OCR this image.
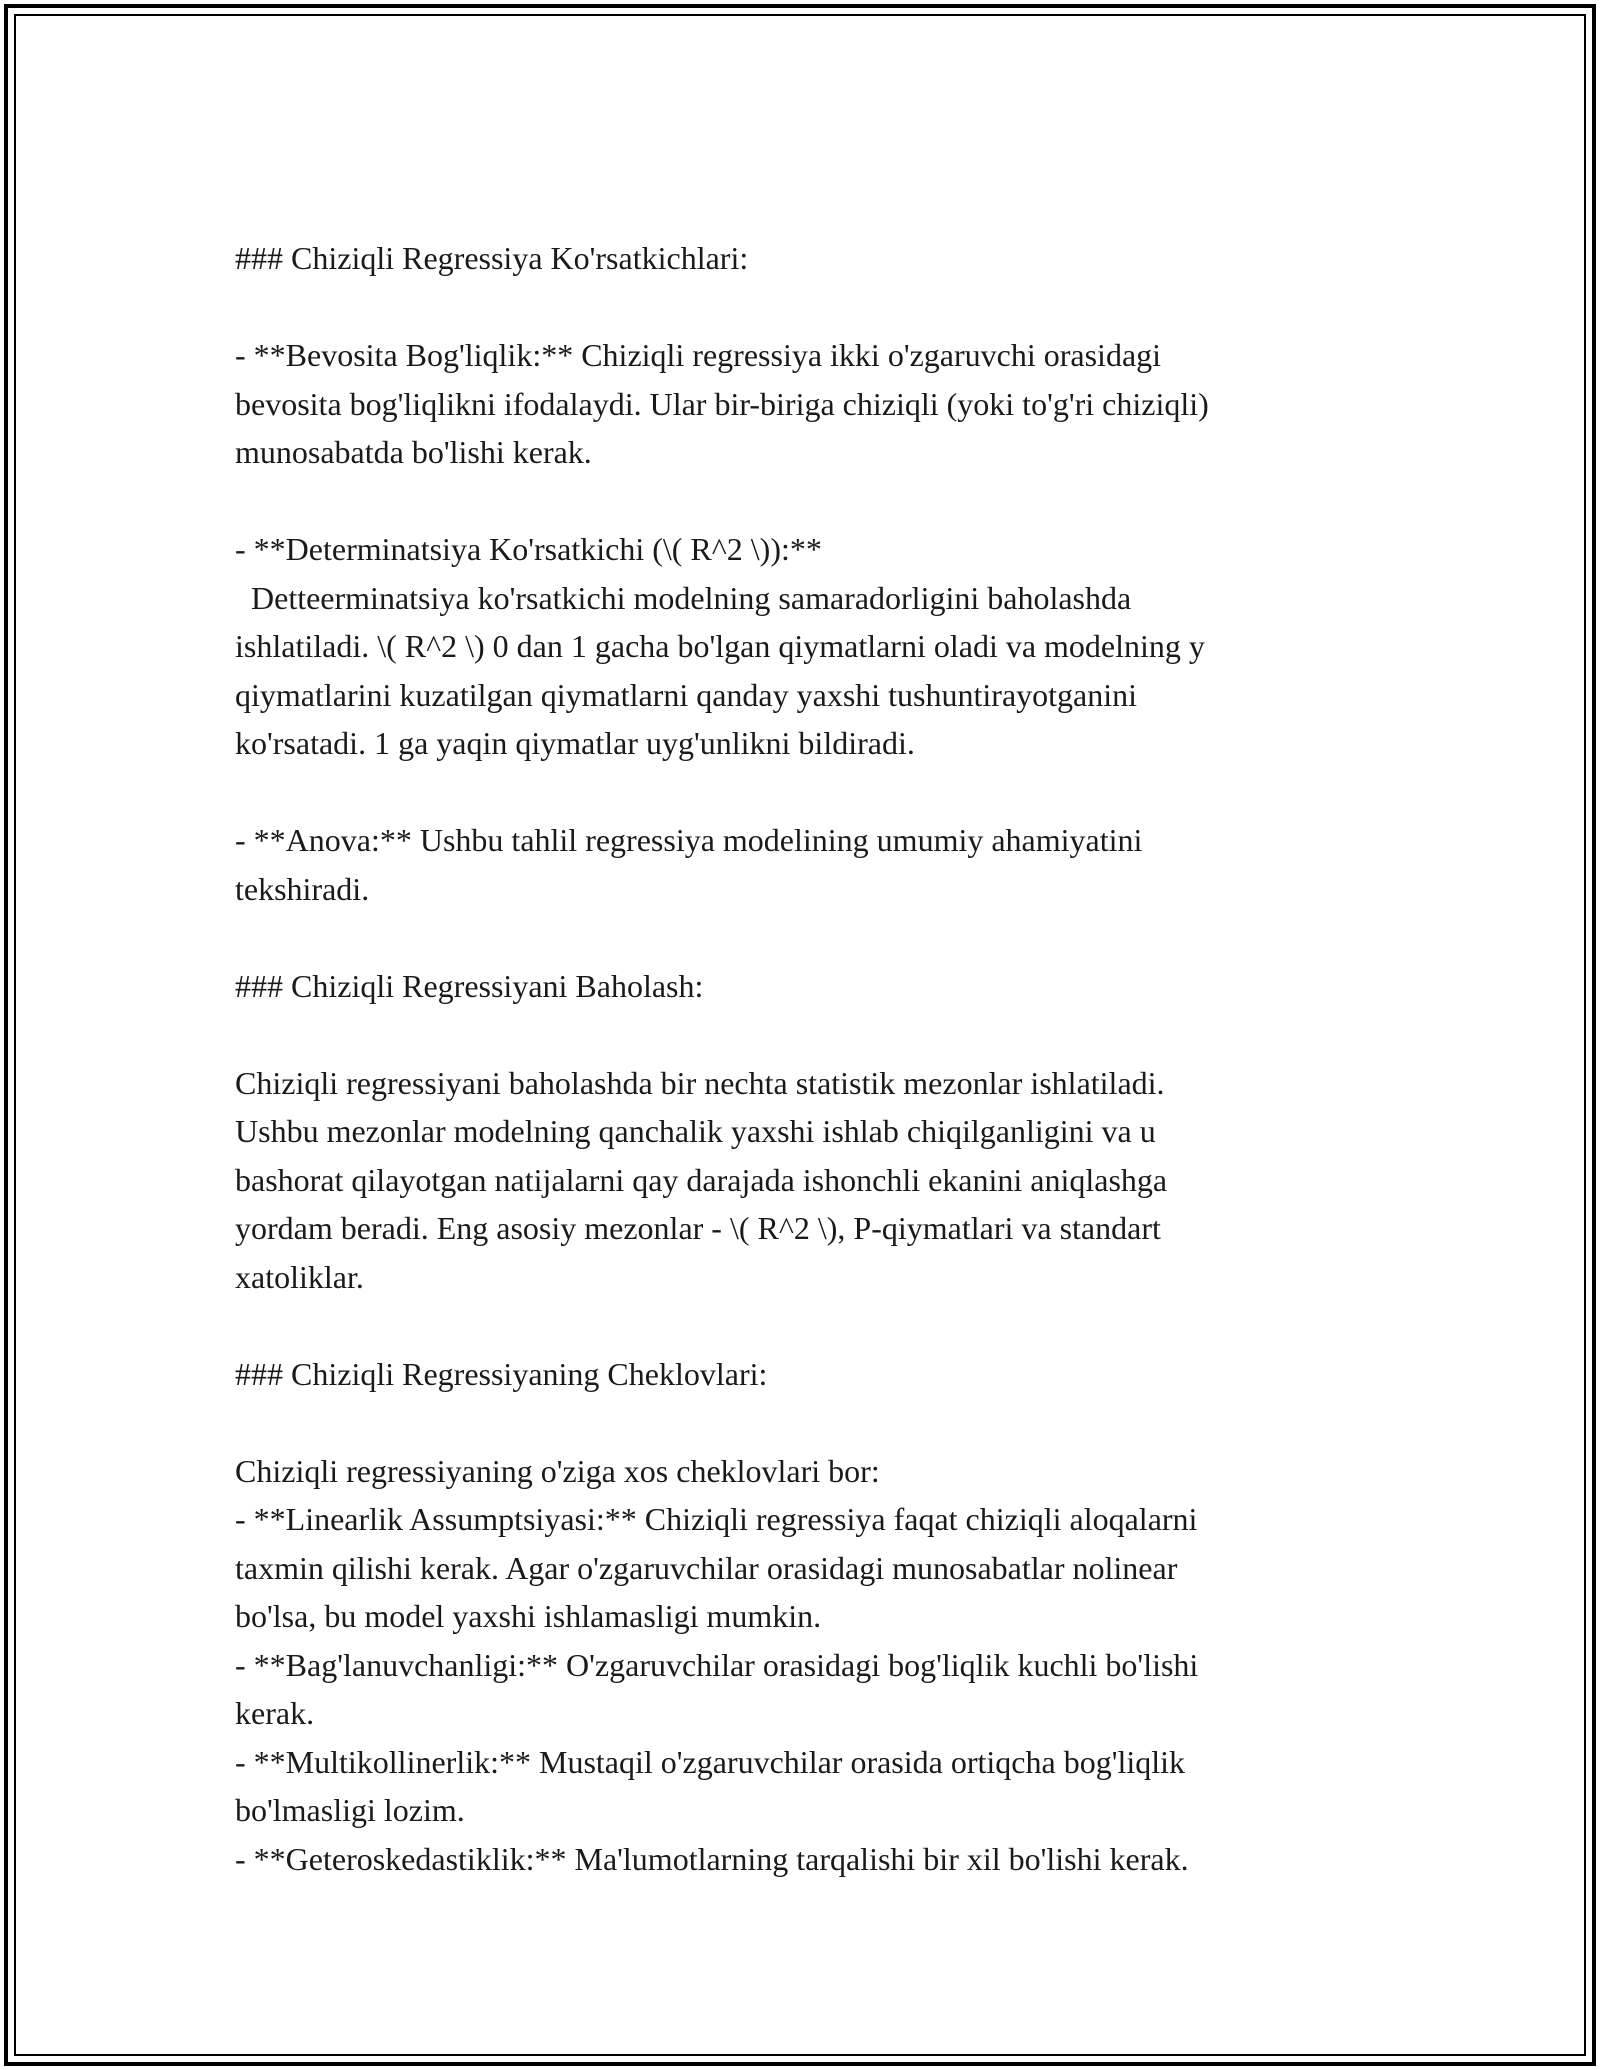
### Chiziqli Regressiya Ko'rsatkichlari:
- **Bevosita Bog'liqlik:** Chiziqli regressiya ikki o'zgaruvchi orasidagi
bevosita bog'liqlikni ifodalaydi. Ular bir-biriga chiziqli (yoki to'g'ri chiziqli)
munosabatda bo'lishi kerak.
- **Determinatsiya Ko'rsatkichi (\( R^2 \)):**
Detteerminatsiya ko'rsatkichi modelning samaradorligini baholashda
ishlatiladi. \( R^2 \) 0 dan 1 gacha bo'lgan qiymatlarni oladi va modelning y
qiymatlarini kuzatilgan qiymatlarni qanday yaxshi tushuntirayotganini
ko'rsatadi. 1 ga yaqin qiymatlar uyg'unlikni bildiradi.
- **Anova:** Ushbu tahlil regressiya modelining umumiy ahamiyatini
tekshiradi.
### Chiziqli Regressiyani Baholash:
Chiziqli regressiyani baholashda bir nechta statistik mezonlar ishlatiladi.
Ushbu mezonlar modelning qanchalik yaxshi ishlab chiqilganligini va u
bashorat qilayotgan natijalarni qay darajada ishonchli ekanini aniqlashga
yordam beradi. Eng asosiy mezonlar - \( R^2 \), P-qiymatlari va standart
xatoliklar.
### Chiziqli Regressiyaning Cheklovlari:
Chiziqli regressiyaning o'ziga xos cheklovlari bor:
- **Linearlik Assumptsiyasi:** Chiziqli regressiya faqat chiziqli aloqalarni
taxmin qilishi kerak. Agar o'zgaruvchilar orasidagi munosabatlar nolinear
bo'lsa, bu model yaxshi ishlamasligi mumkin.
- **Bag'lanuvchanligi:** O'zgaruvchilar orasidagi bog'liqlik kuchli bo'lishi
kerak.
- **Multikollinerlik:** Mustaqil o'zgaruvchilar orasida ortiqcha bog'liqlik
bo'lmasligi lozim.
- **Geteroskedastiklik:** Ma'lumotlarning tarqalishi bir xil bo'lishi kerak.
